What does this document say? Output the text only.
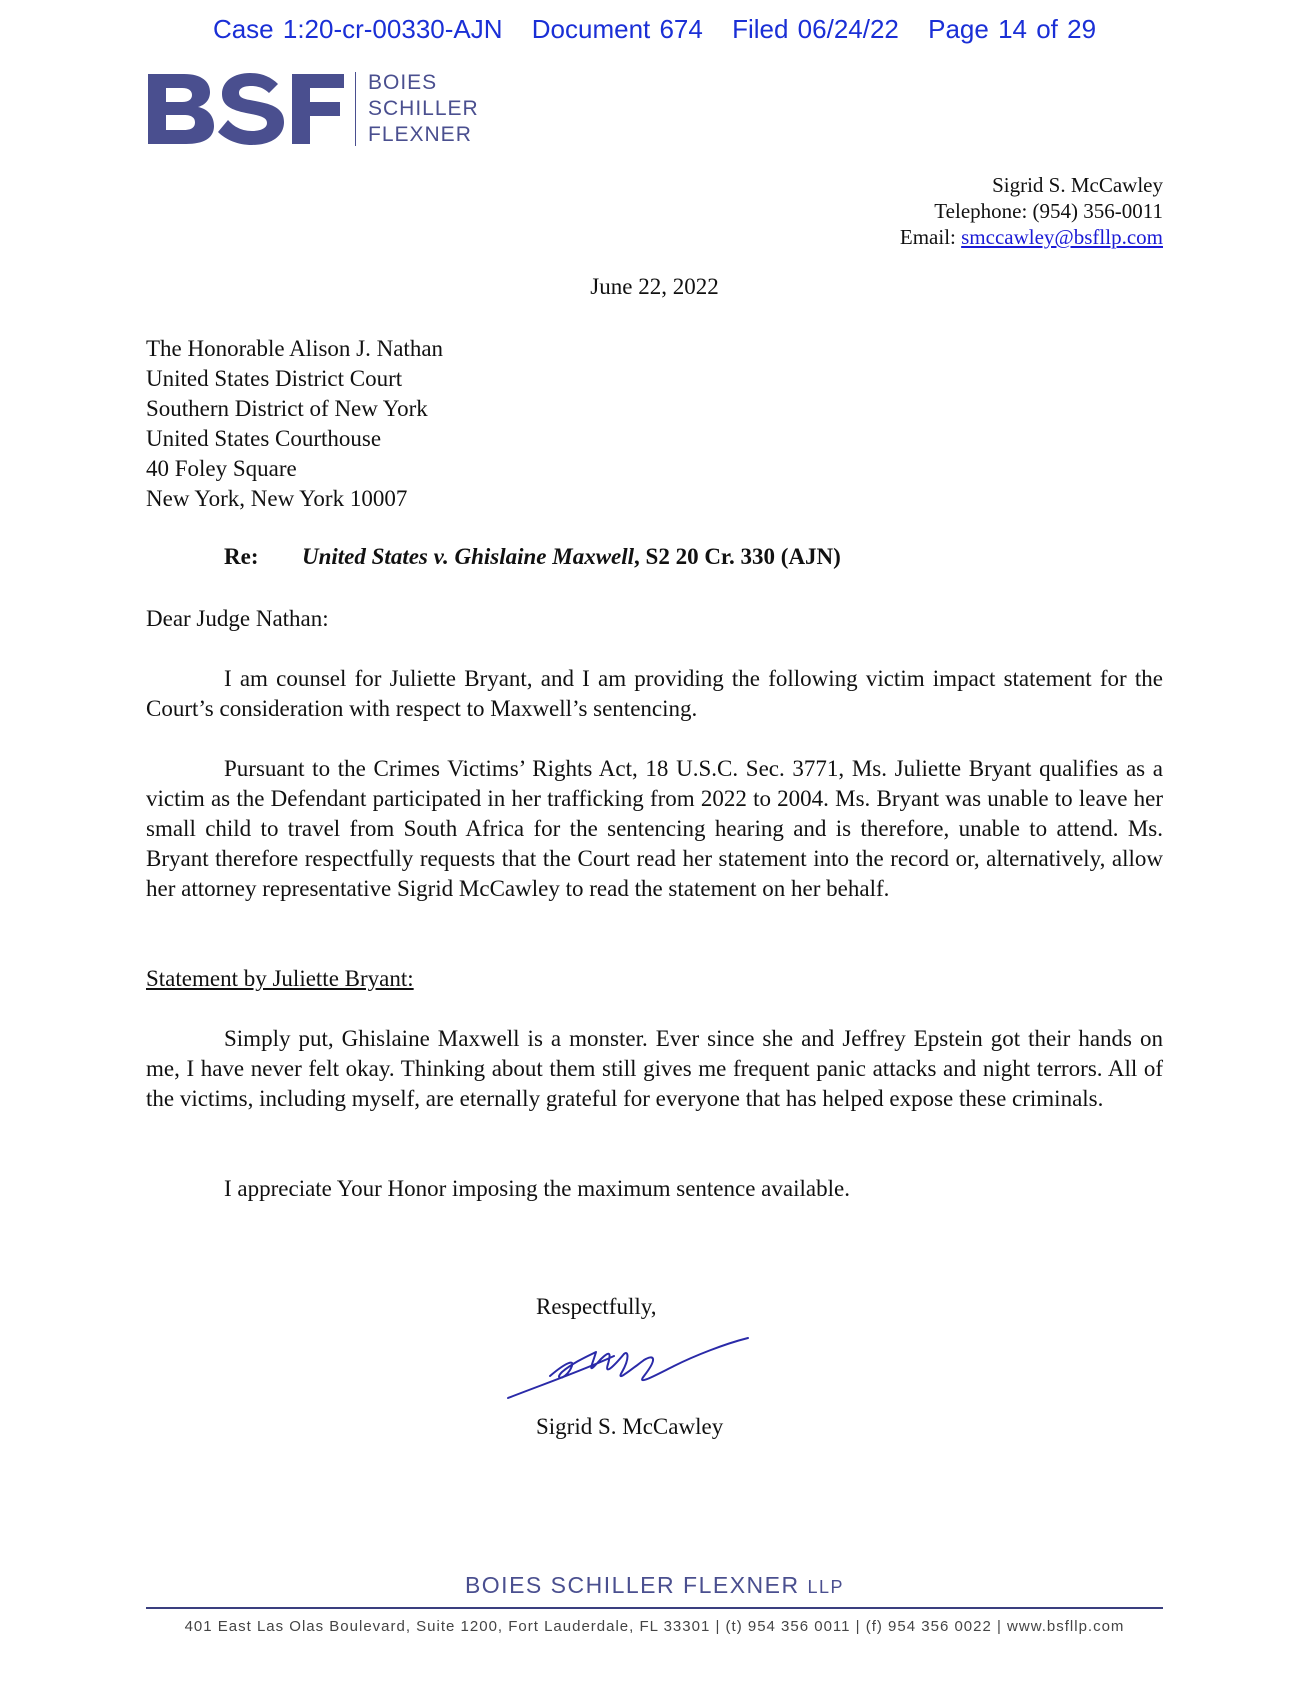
Case 1:20-cr-00330-AJN Document 674 Filed 06/24/22 Page 14 of 29
BOIES
SCHILLER
FLEXNER
Sigrid S. McCawley
Telephone: (954) 356-0011
Email: smccawley@bsfllp.com
June 22, 2022
The Honorable Alison J. Nathan
United States District Court
Southern District of New York
United States Courthouse
40 Foley Square
New York, New York 10007
Re: United States v. Ghislaine Maxwell, S2 20 Cr. 330 (AJN)
Dear Judge Nathan:
I am counsel for Juliette Bryant, and I am providing the following victim impact statement for the Court’s consideration with respect to Maxwell’s sentencing.
Pursuant to the Crimes Victims’ Rights Act, 18 U.S.C. Sec. 3771, Ms. Juliette Bryant qualifies as a victim as the Defendant participated in her trafficking from 2022 to 2004. Ms. Bryant was unable to leave her small child to travel from South Africa for the sentencing hearing and is therefore, unable to attend. Ms. Bryant therefore respectfully requests that the Court read her statement into the record or, alternatively, allow her attorney representative Sigrid McCawley to read the statement on her behalf.
Statement by Juliette Bryant:
Simply put, Ghislaine Maxwell is a monster. Ever since she and Jeffrey Epstein got their hands on me, I have never felt okay. Thinking about them still gives me frequent panic attacks and night terrors. All of the victims, including myself, are eternally grateful for everyone that has helped expose these criminals.
I appreciate Your Honor imposing the maximum sentence available.
Respectfully,
Sigrid S. McCawley
BOIES SCHILLER FLEXNER LLP
401 East Las Olas Boulevard, Suite 1200, Fort Lauderdale, FL 33301 | (t) 954 356 0011 | (f) 954 356 0022 | www.bsfllp.com
